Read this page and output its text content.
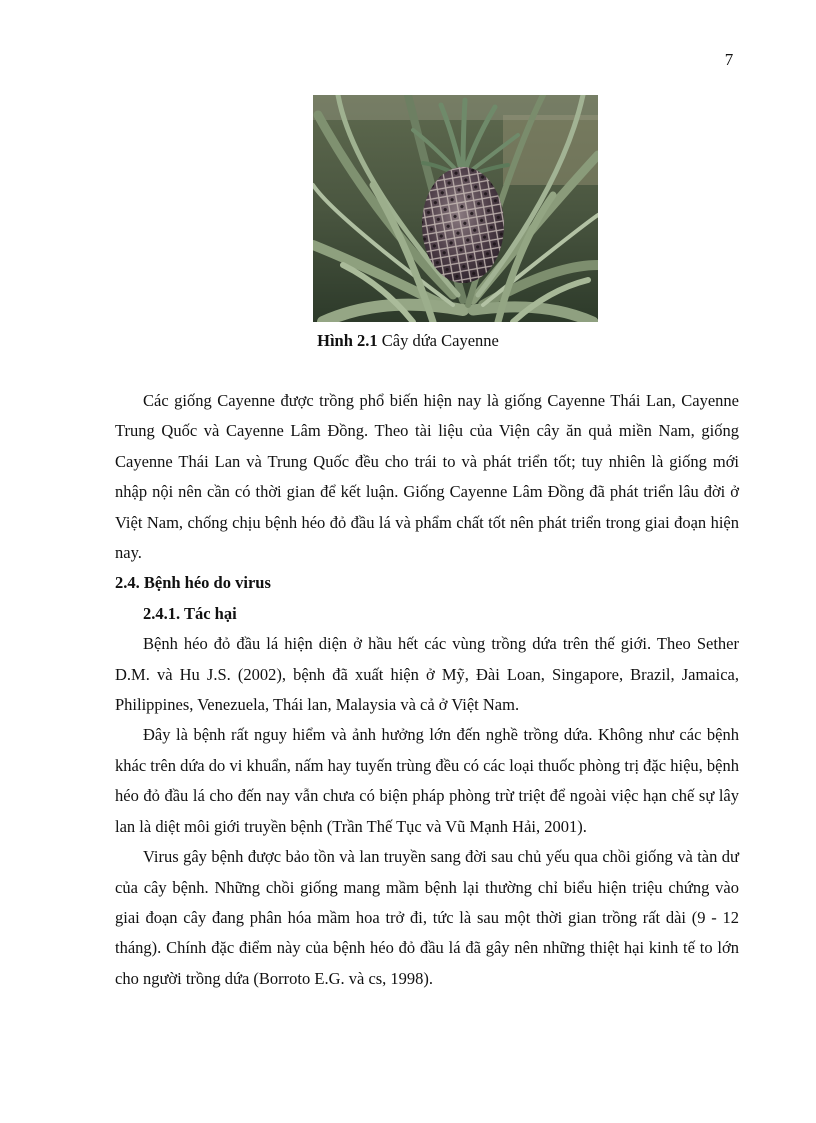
7
Hình 2.1 Cây dứa Cayenne

Các giống Cayenne được trồng phổ biến hiện nay là giống Cayenne Thái Lan, Cayenne Trung Quốc và Cayenne Lâm Đồng. Theo tài liệu của Viện cây ăn quả miền Nam, giống Cayenne Thái Lan và Trung Quốc đều cho trái to và phát triển tốt; tuy nhiên là giống mới nhập nội nên cần có thời gian để kết luận. Giống Cayenne Lâm Đồng đã phát triển lâu đời ở Việt Nam, chống chịu bệnh héo đỏ đầu lá và phẩm chất tốt nên phát triển trong giai đoạn hiện nay.

2.4. Bệnh héo do virus

2.4.1. Tác hại

Bệnh héo đỏ đầu lá hiện diện ở hầu hết các vùng trồng dứa trên thế giới. Theo Sether D.M. và Hu J.S. (2002), bệnh đã xuất hiện ở Mỹ, Đài Loan, Singapore, Brazil, Jamaica, Philippines, Venezuela, Thái lan, Malaysia và cả ở Việt Nam.

Đây là bệnh rất nguy hiểm và ảnh hưởng lớn đến nghề trồng dứa. Không như các bệnh khác trên dứa do vi khuẩn, nấm hay tuyến trùng đều có các loại thuốc phòng trị đặc hiệu, bệnh héo đỏ đầu lá cho đến nay vẫn chưa có biện pháp phòng trừ triệt để ngoài việc hạn chế sự lây lan là diệt môi giới truyền bệnh (Trần Thế Tục và Vũ Mạnh Hải, 2001).

Virus gây bệnh được bảo tồn và lan truyền sang đời sau chủ yếu qua chồi giống và tàn dư của cây bệnh. Những chồi giống mang mầm bệnh lại thường chỉ biểu hiện triệu chứng vào giai đoạn cây đang phân hóa mầm hoa trở đi, tức là sau một thời gian trồng rất dài (9 - 12 tháng). Chính đặc điểm này của bệnh héo đỏ đầu lá đã gây nên những thiệt hại kinh tế to lớn cho người trồng dứa (Borroto E.G. và cs, 1998).
